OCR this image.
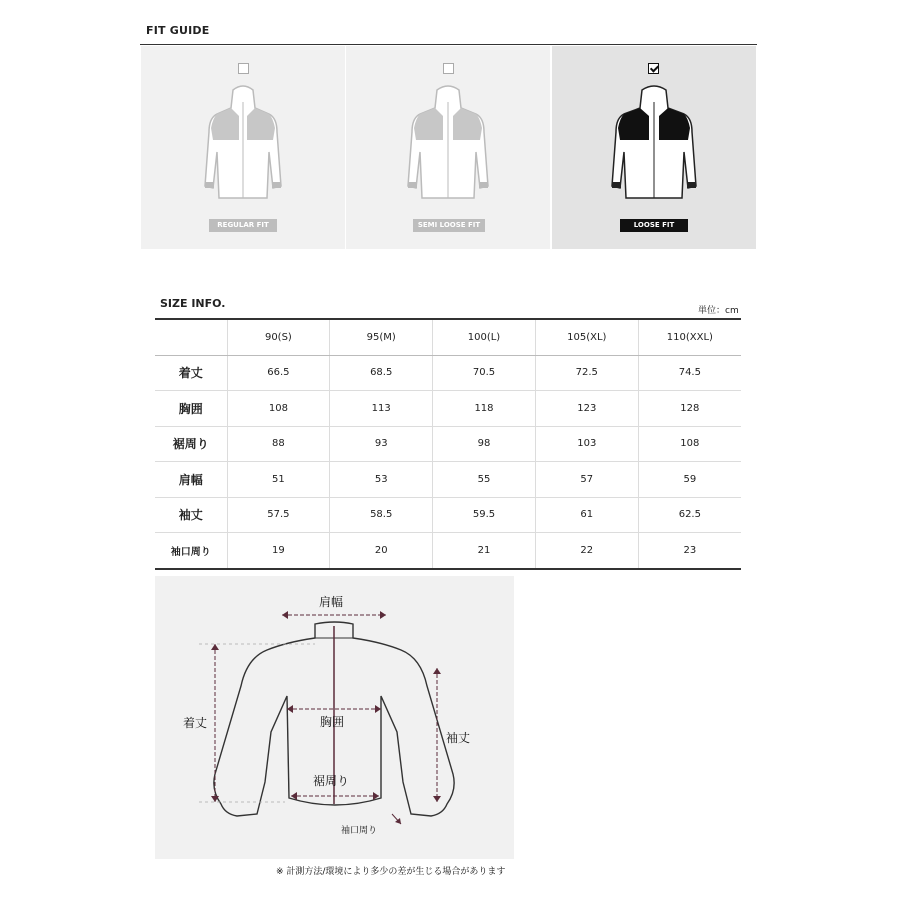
FIT GUIDE
REGULAR FIT	SEMI LOOSE FIT	LOOSE FIT
SIZE INFO.
単位：cm
	90(S)	95(M)	100(L)	105(XL)	110(XXL)
着丈	66.5	68.5	70.5	72.5	74.5
胸囲	108	113	118	123	128
裾周り	88	93	98	103	108
肩幅	51	53	55	57	59
袖丈	57.5	58.5	59.5	61	62.5
袖口周り	19	20	21	22	23
肩幅
着丈	胸囲
袖丈
裾周り
袖口周り
※ 計測方法/環境により多少の差が生じる場合があります
